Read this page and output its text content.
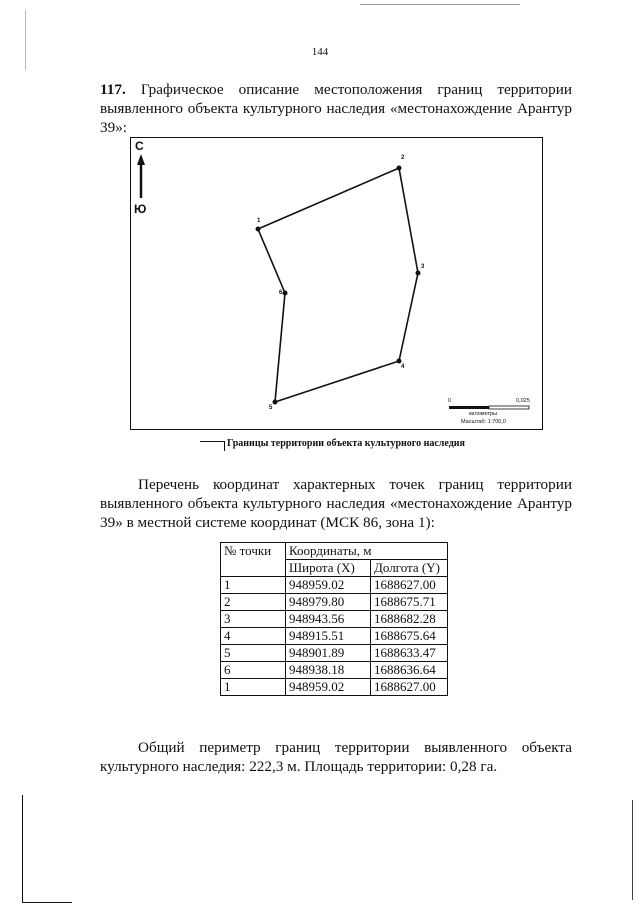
144
117. Графическое описание местоположения границ территории выявленного объекта культурного наследия «местонахождение Арантур 39»:
С
Ю
1
2
3
4
5
6
0	0,025
километры
Масштаб: 1:700,0
Границы территории объекта культурного наследия
Перечень координат характерных точек границ территории выявленного объекта культурного наследия «местонахождение Арантур 39» в местной системе координат (МСК 86, зона 1):
№ точки	Координаты, м	
	Широта (X)	Долгота (Y)
1	948959.02	1688627.00
2	948979.80	1688675.71
3	948943.56	1688682.28
4	948915.51	1688675.64
5	948901.89	1688633.47
6	948938.18	1688636.64
1	948959.02	1688627.00
Общий периметр границ территории выявленного объекта культурного наследия: 222,3 м. Площадь территории: 0,28 га.
